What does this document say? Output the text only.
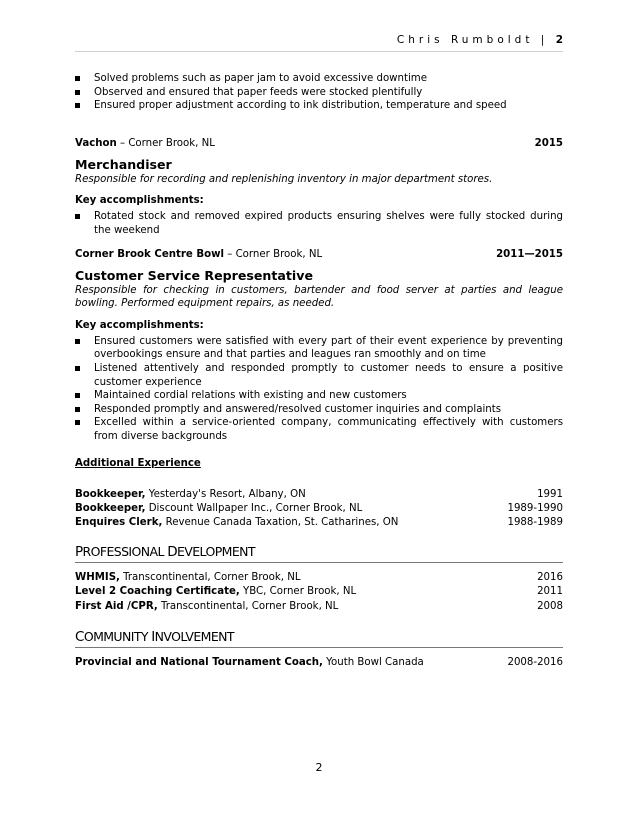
Chris Rumboldt | 2
Solved problems such as paper jam to avoid excessive downtime
Observed and ensured that paper feeds were stocked plentifully
Ensured proper adjustment according to ink distribution, temperature and speed
Vachon – Corner Brook, NL	2015
Merchandiser
Responsible for recording and replenishing inventory in major department stores.
Key accomplishments:
Rotated stock and removed expired products ensuring shelves were fully stocked during the weekend
Corner Brook Centre Bowl – Corner Brook, NL	2011—2015
Customer Service Representative
Responsible for checking in customers, bartender and food server at parties and league bowling. Performed equipment repairs, as needed.
Key accomplishments:
Ensured customers were satisfied with every part of their event experience by preventing overbookings ensure and that parties and leagues ran smoothly and on time
Listened attentively and responded promptly to customer needs to ensure a positive customer experience
Maintained cordial relations with existing and new customers
Responded promptly and answered/resolved customer inquiries and complaints
Excelled within a service-oriented company, communicating effectively with customers from diverse backgrounds
Additional Experience
Bookkeeper, Yesterday's Resort, Albany, ON	1991
Bookkeeper, Discount Wallpaper Inc., Corner Brook, NL	1989-1990
Enquires Clerk, Revenue Canada Taxation, St. Catharines, ON	1988-1989
PROFESSIONAL DEVELOPMENT
WHMIS, Transcontinental, Corner Brook, NL	2016
Level 2 Coaching Certificate, YBC, Corner Brook, NL	2011
First Aid /CPR, Transcontinental, Corner Brook, NL	2008
COMMUNITY INVOLVEMENT
Provincial and National Tournament Coach, Youth Bowl Canada	2008-2016
2
